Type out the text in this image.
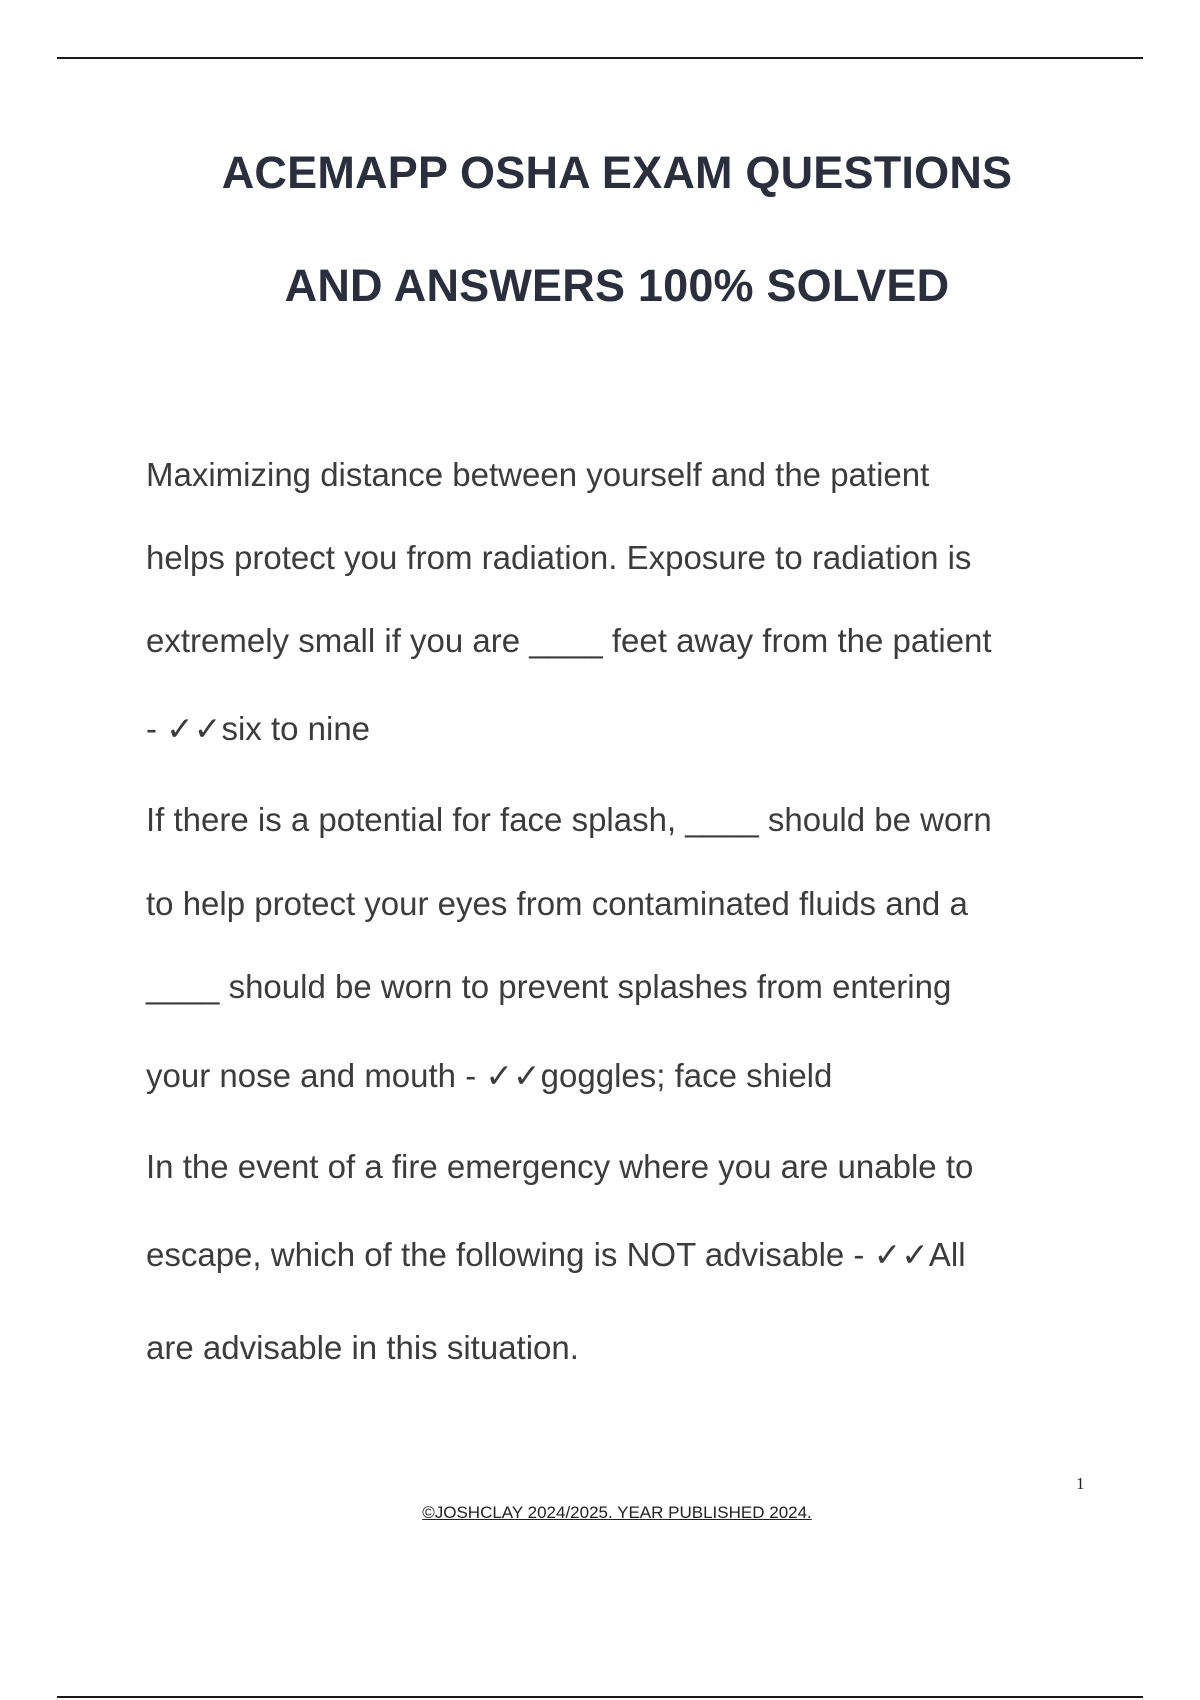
ACEMAPP OSHA EXAM QUESTIONS
AND ANSWERS 100% SOLVED
Maximizing distance between yourself and the patient
helps protect you from radiation. Exposure to radiation is
extremely small if you are ____ feet away from the patient
- ✓✓six to nine
If there is a potential for face splash, ____ should be worn
to help protect your eyes from contaminated fluids and a
____ should be worn to prevent splashes from entering
your nose and mouth - ✓✓goggles; face shield
In the event of a fire emergency where you are unable to
escape, which of the following is NOT advisable - ✓✓All
are advisable in this situation.
1
©JOSHCLAY 2024/2025. YEAR PUBLISHED 2024.
